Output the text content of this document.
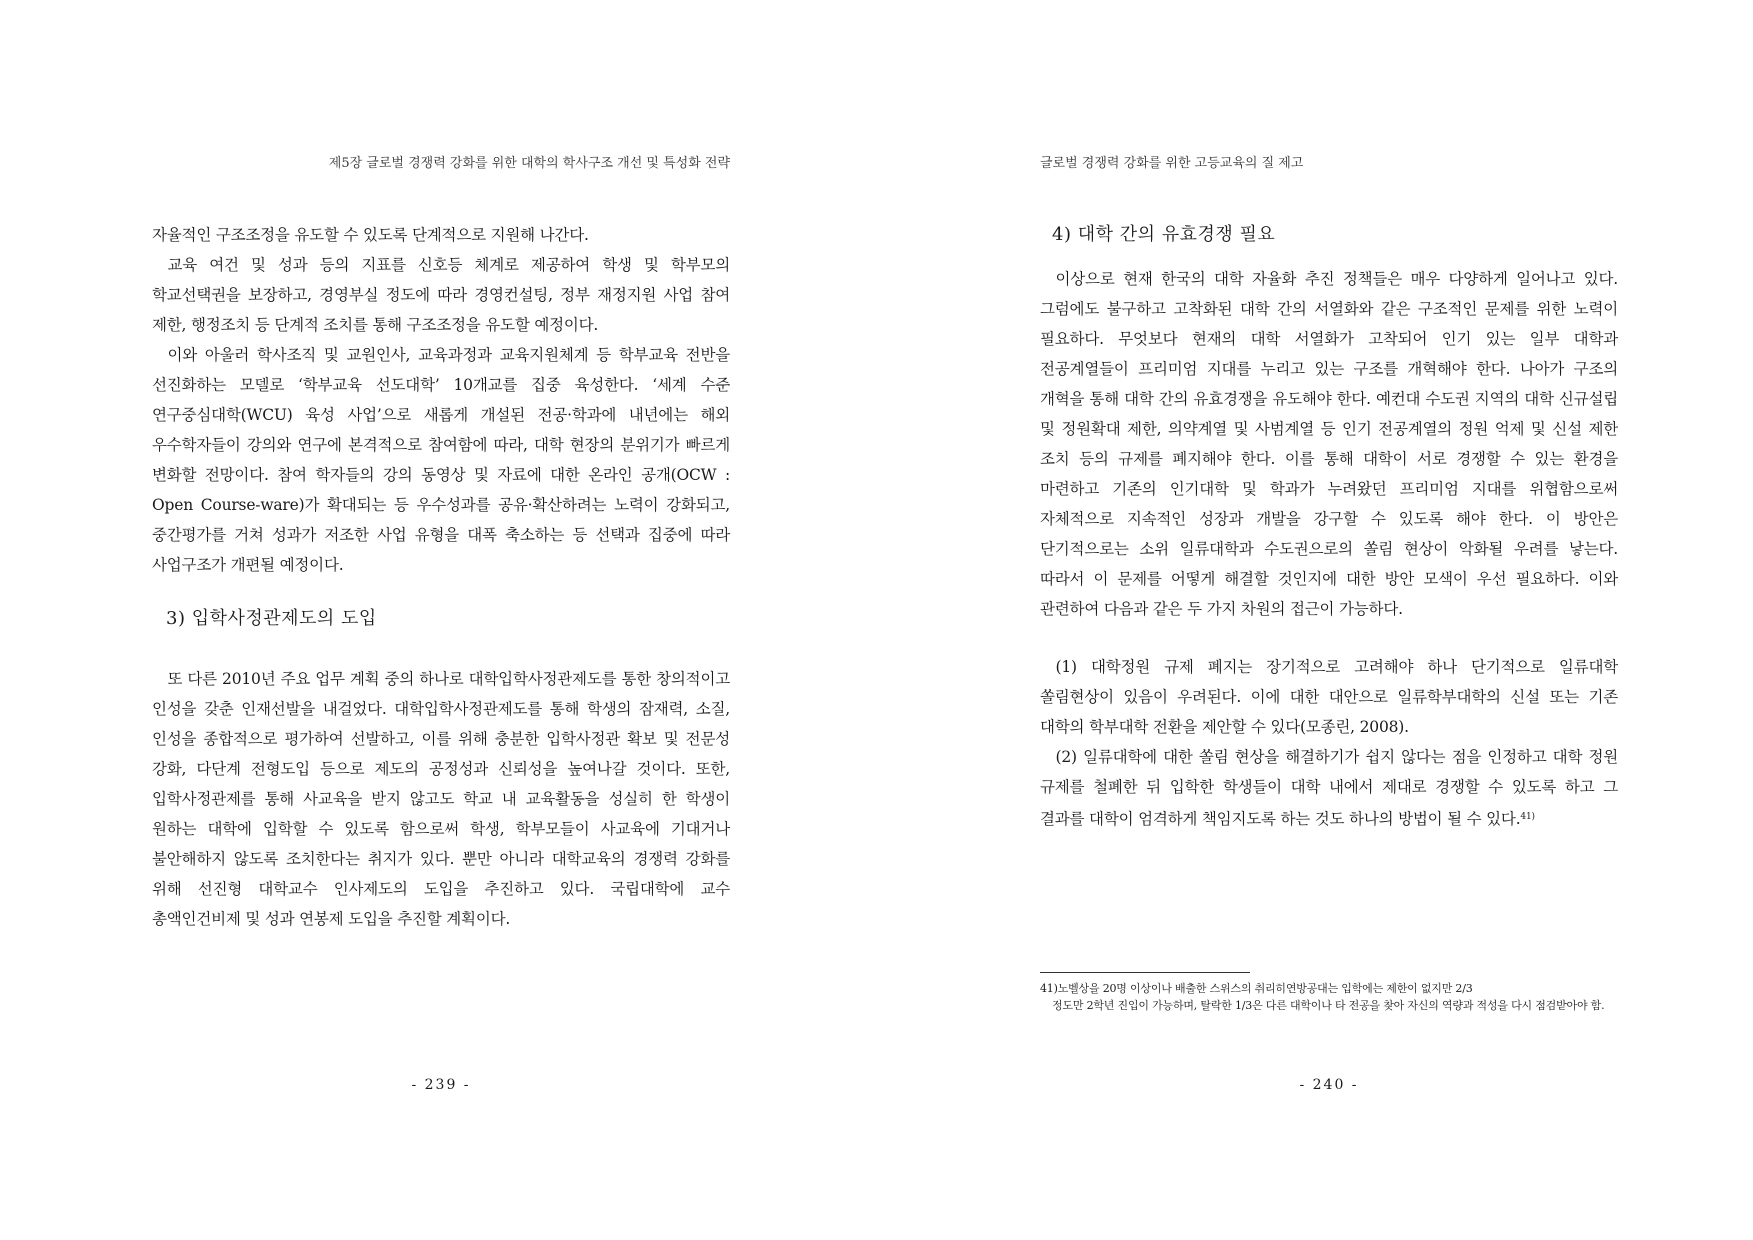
제5장 글로벌 경쟁력 강화를 위한 대학의 학사구조 개선 및 특성화 전략

자율적인 구조조정을 유도할 수 있도록 단계적으로 지원해 나간다.

교육 여건 및 성과 등의 지표를 신호등 체계로 제공하여 학생 및 학부모의 학교선택권을 보장하고, 경영부실 정도에 따라 경영컨설팅, 정부 재정지원 사업 참여 제한, 행정조치 등 단계적 조치를 통해 구조조정을 유도할 예정이다.

이와 아울러 학사조직 및 교원인사, 교육과정과 교육지원체계 등 학부교육 전반을 선진화하는 모델로 ‘학부교육 선도대학’ 10개교를 집중 육성한다. ‘세계 수준 연구중심대학(WCU) 육성 사업’으로 새롭게 개설된 전공·학과에 내년에는 해외 우수학자들이 강의와 연구에 본격적으로 참여함에 따라, 대학 현장의 분위기가 빠르게 변화할 전망이다. 참여 학자들의 강의 동영상 및 자료에 대한 온라인 공개(OCW : Open Course-ware)가 확대되는 등 우수성과를 공유·확산하려는 노력이 강화되고, 중간평가를 거쳐 성과가 저조한 사업 유형을 대폭 축소하는 등 선택과 집중에 따라 사업구조가 개편될 예정이다.

3) 입학사정관제도의 도입

또 다른 2010년 주요 업무 계획 중의 하나로 대학입학사정관제도를 통한 창의적이고 인성을 갖춘 인재선발을 내걸었다. 대학입학사정관제도를 통해 학생의 잠재력, 소질, 인성을 종합적으로 평가하여 선발하고, 이를 위해 충분한 입학사정관 확보 및 전문성 강화, 다단계 전형도입 등으로 제도의 공정성과 신뢰성을 높여나갈 것이다. 또한, 입학사정관제를 통해 사교육을 받지 않고도 학교 내 교육활동을 성실히 한 학생이 원하는 대학에 입학할 수 있도록 함으로써 학생, 학부모들이 사교육에 기대거나 불안해하지 않도록 조치한다는 취지가 있다. 뿐만 아니라 대학교육의 경쟁력 강화를 위해 선진형 대학교수 인사제도의 도입을 추진하고 있다. 국립대학에 교수 총액인건비제 및 성과 연봉제 도입을 추진할 계획이다.

- 239 -
글로벌 경쟁력 강화를 위한 고등교육의 질 제고
4) 대학 간의 유효경쟁 필요

이상으로 현재 한국의 대학 자율화 추진 정책들은 매우 다양하게 일어나고 있다. 그럼에도 불구하고 고착화된 대학 간의 서열화와 같은 구조적인 문제를 위한 노력이 필요하다. 무엇보다 현재의 대학 서열화가 고착되어 인기 있는 일부 대학과 전공계열들이 프리미엄 지대를 누리고 있는 구조를 개혁해야 한다. 나아가 구조의 개혁을 통해 대학 간의 유효경쟁을 유도해야 한다. 예컨대 수도권 지역의 대학 신규설립 및 정원확대 제한, 의약계열 및 사범계열 등 인기 전공계열의 정원 억제 및 신설 제한 조치 등의 규제를 폐지해야 한다. 이를 통해 대학이 서로 경쟁할 수 있는 환경을 마련하고 기존의 인기대학 및 학과가 누려왔던 프리미엄 지대를 위협함으로써 자체적으로 지속적인 성장과 개발을 강구할 수 있도록 해야 한다. 이 방안은 단기적으로는 소위 일류대학과 수도권으로의 쏠림 현상이 악화될 우려를 낳는다. 따라서 이 문제를 어떻게 해결할 것인지에 대한 방안 모색이 우선 필요하다. 이와 관련하여 다음과 같은 두 가지 차원의 접근이 가능하다.

(1) 대학정원 규제 폐지는 장기적으로 고려해야 하나 단기적으로 일류대학 쏠림현상이 있음이 우려된다. 이에 대한 대안으로 일류학부대학의 신설 또는 기존 대학의 학부대학 전환을 제안할 수 있다(모종린, 2008).

(2) 일류대학에 대한 쏠림 현상을 해결하기가 쉽지 않다는 점을 인정하고 대학 정원 규제를 철폐한 뒤 입학한 학생들이 대학 내에서 제대로 경쟁할 수 있도록 하고 그 결과를 대학이 엄격하게 책임지도록 하는 것도 하나의 방법이 될 수 있다.$^{41)}$

41)노벨상을 20명 이상이나 배출한 스위스의 취리히연방공대는 입학에는 제한이 없지만 2/3
정도만 2학년 진입이 가능하며, 탈락한 1/3은 다른 대학이나 타 전공을 찾아 자신의 역량과 적성을 다시 점검받아야 함.
- 240 -
